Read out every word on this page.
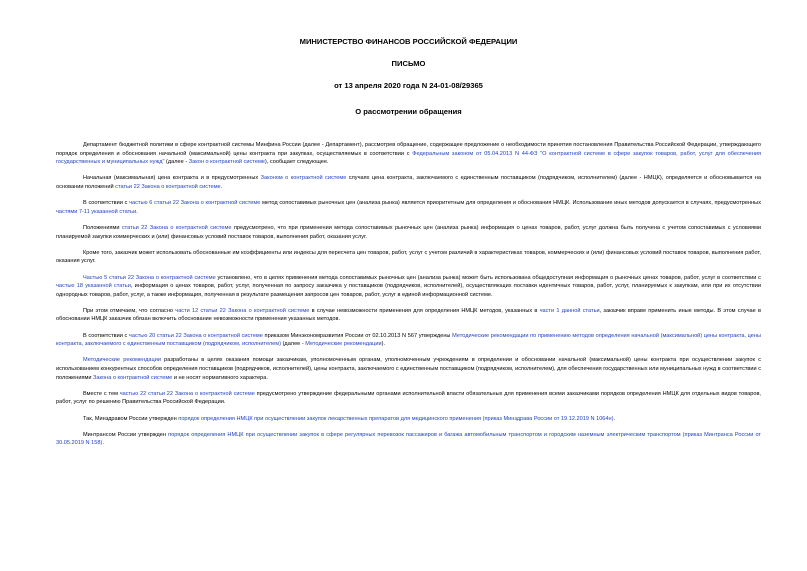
МИНИСТЕРСТВО ФИНАНСОВ РОССИЙСКОЙ ФЕДЕРАЦИИ
ПИСЬМО
от 13 апреля 2020 года N 24-01-08/29365
О рассмотрении обращения

Департамент бюджетной политики в сфере контрактной системы Минфина России (далее - Департамент), рассмотрев обращение, содержащее предложение о необходимости принятия постановления Правительства Российской Федерации, утверждающего порядок определения и обоснования начальной (максимальной) цены контракта при закупках, осуществляемых в соответствии с Федеральным законом от 05.04.2013 N 44-ФЗ "О контрактной системе в сфере закупок товаров, работ, услуг для обеспечения государственных и муниципальных нужд" (далее - Закон о контрактной системе), сообщает следующее.

Начальная (максимальная) цена контракта и в предусмотренных Законом о контрактной системе случаях цена контракта, заключаемого с единственным поставщиком (подрядчиком, исполнителем) (далее - НМЦК), определяется и обосновывается на основании положений статьи 22 Закона о контрактной системе.

В соответствии с частью 6 статьи 22 Закона о контрактной системе метод сопоставимых рыночных цен (анализа рынка) является приоритетным для определения и обоснования НМЦК. Использование иных методов допускается в случаях, предусмотренных частями 7-11 указанной статьи.

Положениями статьи 22 Закона о контрактной системе предусмотрено, что при применении метода сопоставимых рыночных цен (анализа рынка) информация о ценах товаров, работ, услуг должна быть получена с учетом сопоставимых с условиями планируемой закупки коммерческих и (или) финансовых условий поставок товаров, выполнения работ, оказания услуг.

Кроме того, заказчик может использовать обоснованные им коэффициенты или индексы для пересчета цен товаров, работ, услуг с учетом различий в характеристиках товаров, коммерческих и (или) финансовых условий поставок товаров, выполнения работ, оказания услуг.

Частью 5 статьи 22 Закона о контрактной системе установлено, что в целях применения метода сопоставимых рыночных цен (анализа рынка) может быть использована общедоступная информация о рыночных ценах товаров, работ, услуг в соответствии с частью 18 указанной статьи, информация о ценах товаров, работ, услуг, полученная по запросу заказчика у поставщиков (подрядчиков, исполнителей), осуществляющих поставки идентичных товаров, работ, услуг, планируемых к закупкам, или при их отсутствии однородных товаров, работ, услуг, а также информация, полученная в результате размещения запросов цен товаров, работ, услуг в единой информационной системе.

При этом отмечаем, что согласно части 12 статьи 22 Закона о контрактной системе в случае невозможности применения для определения НМЦК методов, указанных в части 1 данной статьи, заказчик вправе применить иные методы. В этом случае в обосновании НМЦК заказчик обязан включить обоснование невозможности применения указанных методов.

В соответствии с частью 20 статьи 22 Закона о контрактной системе приказом Минэкономразвития России от 02.10.2013 N 567 утверждены Методические рекомендации по применению методов определения начальной (максимальной) цены контракта, цены контракта, заключаемого с единственным поставщиком (подрядчиком, исполнителем) (далее - Методические рекомендации).

Методические рекомендации разработаны в целях оказания помощи заказчикам, уполномоченным органам, уполномоченным учреждениям в определении и обосновании начальной (максимальной) цены контракта при осуществлении закупок с использованием конкурентных способов определения поставщиков (подрядчиков, исполнителей), цены контракта, заключаемого с единственным поставщиком (подрядчиком, исполнителем), для обеспечения государственных или муниципальных нужд в соответствии с положениями Закона о контрактной системе и не носят нормативного характера.

Вместе с тем частью 22 статьи 22 Закона о контрактной системе предусмотрено утверждение федеральными органами исполнительной власти обязательных для применения всеми заказчиками порядков определения НМЦК для отдельных видов товаров, работ, услуг по решению Правительства Российской Федерации.

Так, Минздравом России утвержден порядок определения НМЦК при осуществлении закупок лекарственных препаратов для медицинского применения (приказ Минздрава России от 19.12.2019 N 1064н).

Минтрансом России утвержден порядок определения НМЦК при осуществлении закупок в сфере регулярных перевозок пассажиров и багажа автомобильным транспортом и городским наземным электрическим транспортом (приказ Минтранса России от 30.05.2019 N 158).
